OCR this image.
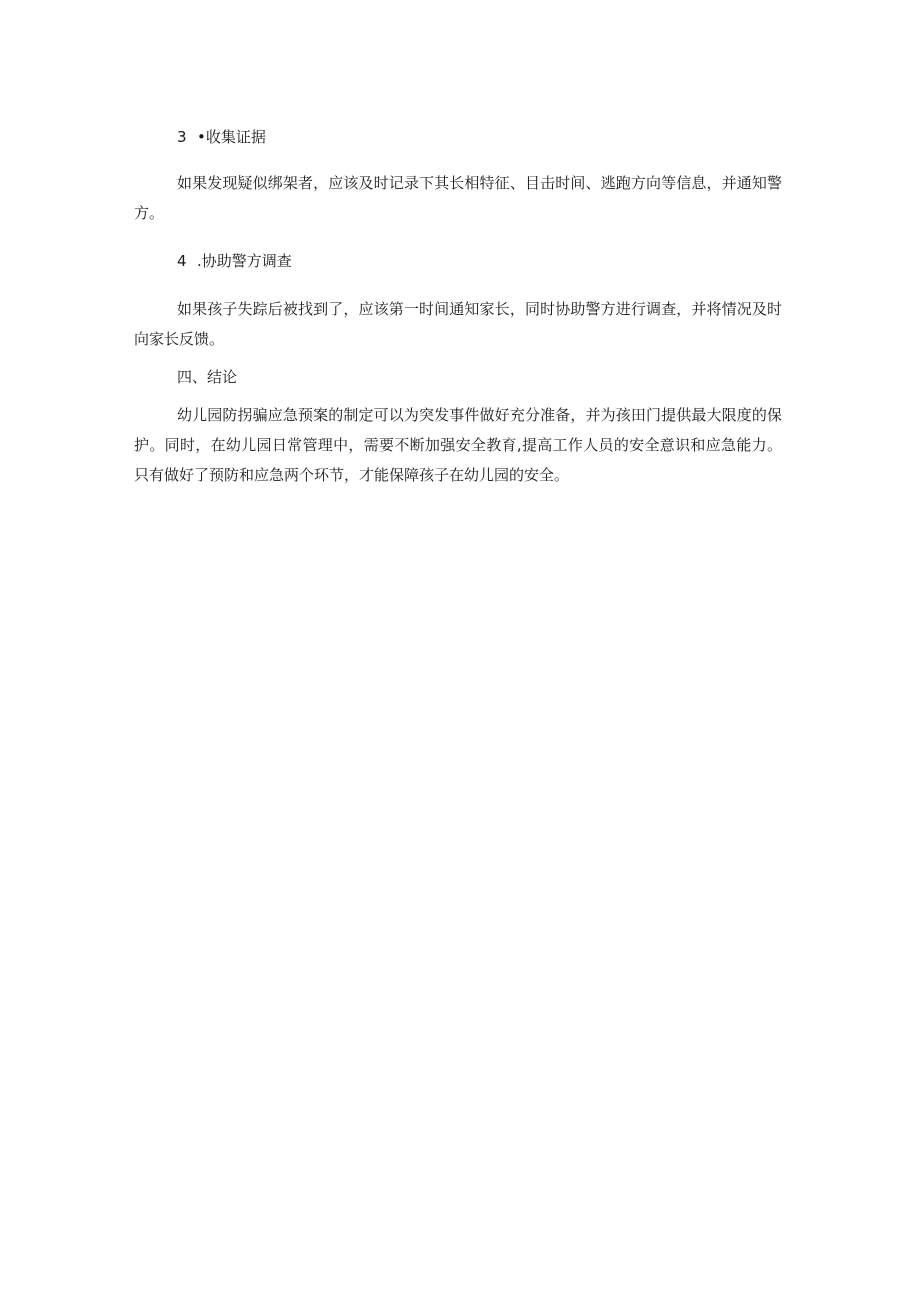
3 •收集证据

如果发现疑似绑架者，应该及时记录下其长相特征、目击时间、逃跑方向等信息，并通知警方。

4 .协助警方调查

如果孩子失踪后被找到了，应该第一时间通知家长，同时协助警方进行调查，并将情况及时向家长反馈。

四、结论

幼儿园防拐骗应急预案的制定可以为突发事件做好充分准备，并为孩田门提供最大限度的保护。同时，在幼儿园日常管理中，需要不断加强安全教育,提高工作人员的安全意识和应急能力。只有做好了预防和应急两个环节，才能保障孩子在幼儿园的安全。
